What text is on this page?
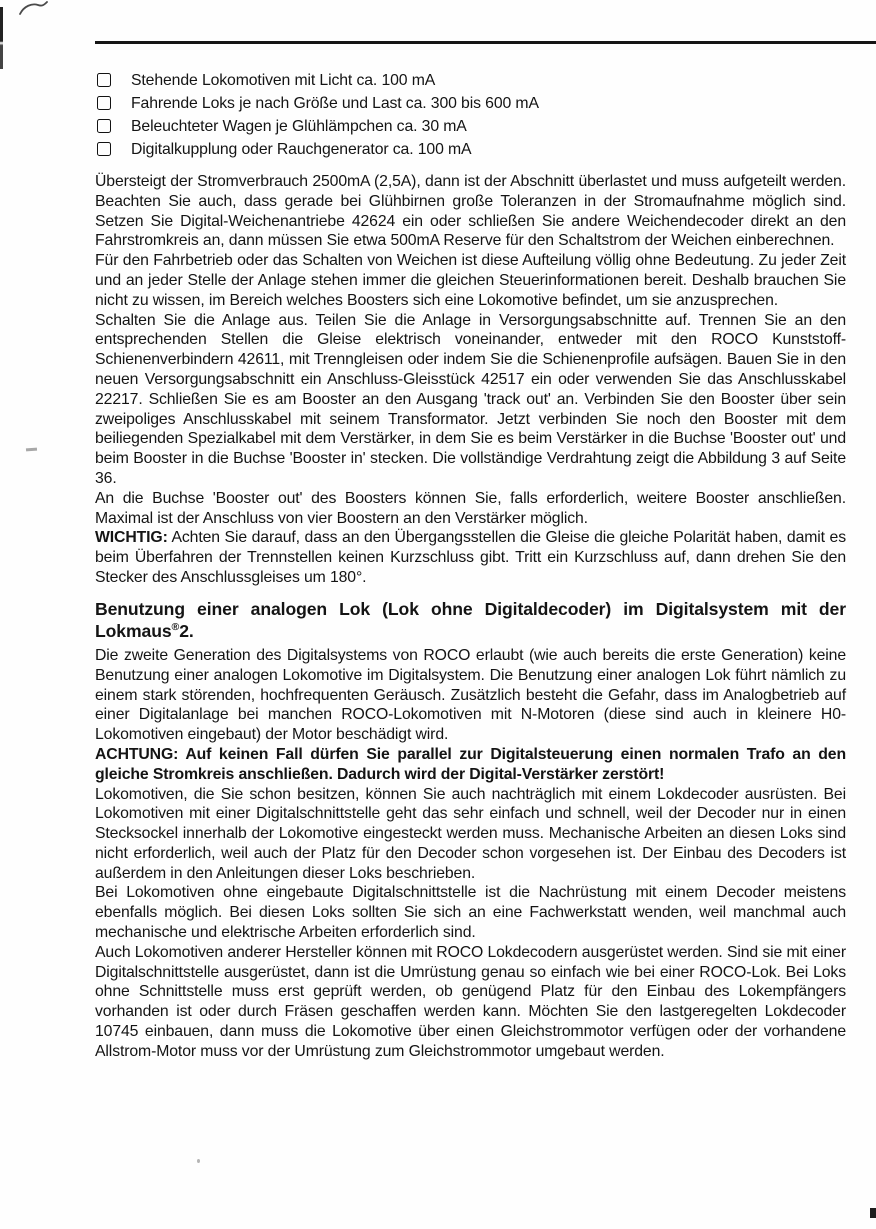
Stehende Lokomotiven mit Licht ca. 100 mA
Fahrende Loks je nach Größe und Last ca. 300 bis 600 mA
Beleuchteter Wagen je Glühlämpchen ca. 30 mA
Digitalkupplung oder Rauchgenerator ca. 100 mA

Übersteigt der Stromverbrauch 2500mA (2,5A), dann ist der Abschnitt überlastet und muss aufgeteilt werden. Beachten Sie auch, dass gerade bei Glühbirnen große Toleranzen in der Stromaufnahme möglich sind. Setzen Sie Digital-Weichenantriebe 42624 ein oder schließen Sie andere Weichendecoder direkt an den Fahrstromkreis an, dann müssen Sie etwa 500mA Reserve für den Schaltstrom der Weichen einberechnen.

Für den Fahrbetrieb oder das Schalten von Weichen ist diese Aufteilung völlig ohne Bedeutung. Zu jeder Zeit und an jeder Stelle der Anlage stehen immer die gleichen Steuerinformationen bereit. Deshalb brauchen Sie nicht zu wissen, im Bereich welches Boosters sich eine Lokomotive befindet, um sie anzusprechen.

Schalten Sie die Anlage aus. Teilen Sie die Anlage in Versorgungsabschnitte auf. Trennen Sie an den entsprechenden Stellen die Gleise elektrisch voneinander, entweder mit den ROCO Kunststoff-Schienenverbindern 42611, mit Trenngleisen oder indem Sie die Schienenprofile aufsägen. Bauen Sie in den neuen Versorgungsabschnitt ein Anschluss-Gleisstück 42517 ein oder verwenden Sie das Anschlusskabel 22217. Schließen Sie es am Booster an den Ausgang 'track out' an. Verbinden Sie den Booster über sein zweipoliges Anschlusskabel mit seinem Transformator. Jetzt verbinden Sie noch den Booster mit dem beiliegenden Spezialkabel mit dem Verstärker, in dem Sie es beim Verstärker in die Buchse 'Booster out' und beim Booster in die Buchse 'Booster in' stecken. Die vollständige Verdrahtung zeigt die Abbildung 3 auf Seite 36.

An die Buchse 'Booster out' des Boosters können Sie, falls erforderlich, weitere Booster anschließen. Maximal ist der Anschluss von vier Boostern an den Verstärker möglich.

WICHTIG: Achten Sie darauf, dass an den Übergangsstellen die Gleise die gleiche Polarität haben, damit es beim Überfahren der Trennstellen keinen Kurzschluss gibt. Tritt ein Kurzschluss auf, dann drehen Sie den Stecker des Anschlussgleises um 180°.

Benutzung einer analogen Lok (Lok ohne Digitaldecoder) im Digitalsystem mit der Lokmaus®2.

Die zweite Generation des Digitalsystems von ROCO erlaubt (wie auch bereits die erste Generation) keine Benutzung einer analogen Lokomotive im Digitalsystem. Die Benutzung einer analogen Lok führt nämlich zu einem stark störenden, hochfrequenten Geräusch. Zusätzlich besteht die Gefahr, dass im Analogbetrieb auf einer Digitalanlage bei manchen ROCO-Lokomotiven mit N-Motoren (diese sind auch in kleinere H0-Lokomotiven eingebaut) der Motor beschädigt wird.

ACHTUNG: Auf keinen Fall dürfen Sie parallel zur Digitalsteuerung einen normalen Trafo an den gleiche Stromkreis anschließen. Dadurch wird der Digital-Verstärker zerstört!

Lokomotiven, die Sie schon besitzen, können Sie auch nachträglich mit einem Lokdecoder ausrüsten. Bei Lokomotiven mit einer Digitalschnittstelle geht das sehr einfach und schnell, weil der Decoder nur in einen Stecksockel innerhalb der Lokomotive eingesteckt werden muss. Mechanische Arbeiten an diesen Loks sind nicht erforderlich, weil auch der Platz für den Decoder schon vorgesehen ist. Der Einbau des Decoders ist außerdem in den Anleitungen dieser Loks beschrieben.

Bei Lokomotiven ohne eingebaute Digitalschnittstelle ist die Nachrüstung mit einem Decoder meistens ebenfalls möglich. Bei diesen Loks sollten Sie sich an eine Fachwerkstatt wenden, weil manchmal auch mechanische und elektrische Arbeiten erforderlich sind.

Auch Lokomotiven anderer Hersteller können mit ROCO Lokdecodern ausgerüstet werden. Sind sie mit einer Digitalschnittstelle ausgerüstet, dann ist die Umrüstung genau so einfach wie bei einer ROCO-Lok. Bei Loks ohne Schnittstelle muss erst geprüft werden, ob genügend Platz für den Einbau des Lokempfängers vorhanden ist oder durch Fräsen geschaffen werden kann. Möchten Sie den lastgeregelten Lokdecoder 10745 einbauen, dann muss die Lokomotive über einen Gleichstrommotor verfügen oder der vorhandene Allstrom-Motor muss vor der Umrüstung zum Gleichstrommotor umgebaut werden.
